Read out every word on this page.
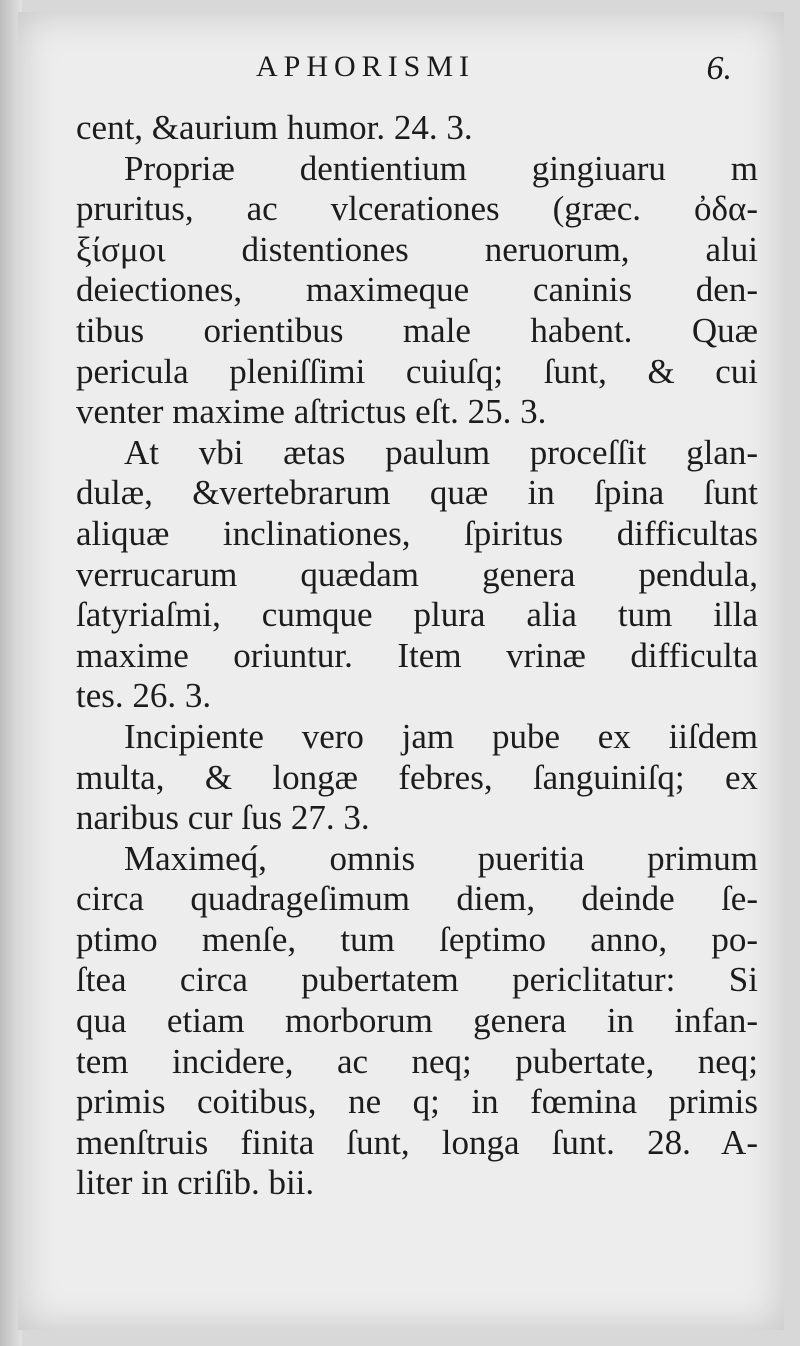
APHORISMI	6.
cent, &aurium humor. 24. 3.
Propriæ dentientium gingiuaru m
pruritus, ac vlcerationes (græc. ὀδα-
ξίσμοι distentiones neruorum, alui
deiectiones, maximeque caninis den-
tibus orientibus male habent. Quæ
pericula pleniſſimi cuiuſq; ſunt, & cui
venter maxime aſtrictus eſt. 25. 3.
At vbi ætas paulum proceſſit glan-
dulæ, &vertebrarum quæ in ſpina ſunt
aliquæ inclinationes, ſpiritus difficultas
verrucarum quædam genera pendula,
ſatyriaſmi, cumque plura alia tum illa
maxime oriuntur. Item vrinæ difficulta
tes. 26. 3.
Incipiente vero jam pube ex iiſdem
multa, & longæ febres, ſanguiniſq; ex
naribus cur ſus 27. 3.
Maximeq́, omnis pueritia primum
circa quadrageſimum diem, deinde ſe-
ptimo menſe, tum ſeptimo anno, po-
ſtea circa pubertatem periclitatur: Si
qua etiam morborum genera in infan-
tem incidere, ac neq; pubertate, neq;
primis coitibus, ne q; in fœmina primis
menſtruis finita ſunt, longa ſunt. 28. A-
liter in criſib. bii.
